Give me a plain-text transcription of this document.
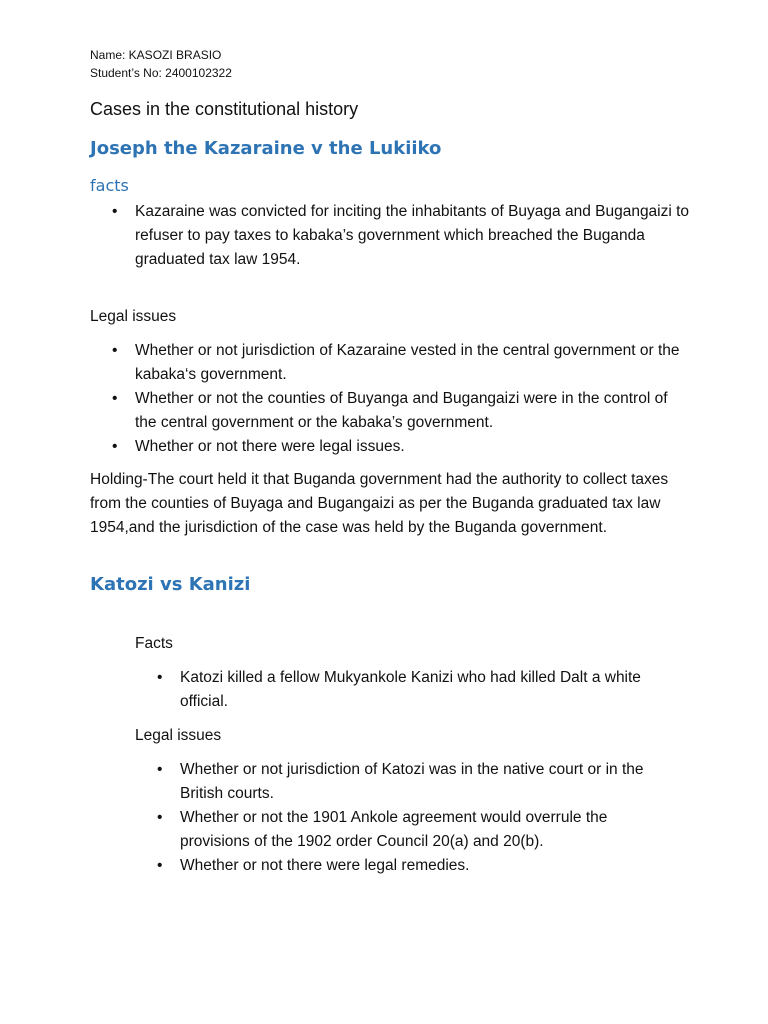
Name: KASOZI BRASIO
Student’s No: 2400102322
Cases in the constitutional history
Joseph the Kazaraine v the Lukiiko
facts
• Kazaraine was convicted for inciting the inhabitants of Buyaga and Bugangaizi to refuser to pay taxes to kabaka’s government which breached the Buganda graduated tax law 1954.

Legal issues

• Whether or not jurisdiction of Kazaraine vested in the central government or the kabaka‘s government.
• Whether or not the counties of Buyanga and Bugangaizi were in the control of the central government or the kabaka’s government.
• Whether or not there were legal issues.

Holding-The court held it that Buganda government had the authority to collect taxes from the counties of Buyaga and Bugangaizi as per the Buganda graduated tax law 1954,and the jurisdiction of the case was held by the Buganda government.

Katozi vs Kanizi

Facts

• Katozi killed a fellow Mukyankole Kanizi who had killed Dalt a white official.

Legal issues

• Whether or not jurisdiction of Katozi was in the native court or in the British courts.
• Whether or not the 1901 Ankole agreement would overrule the provisions of the 1902 order Council 20(a) and 20(b).
• Whether or not there were legal remedies.
